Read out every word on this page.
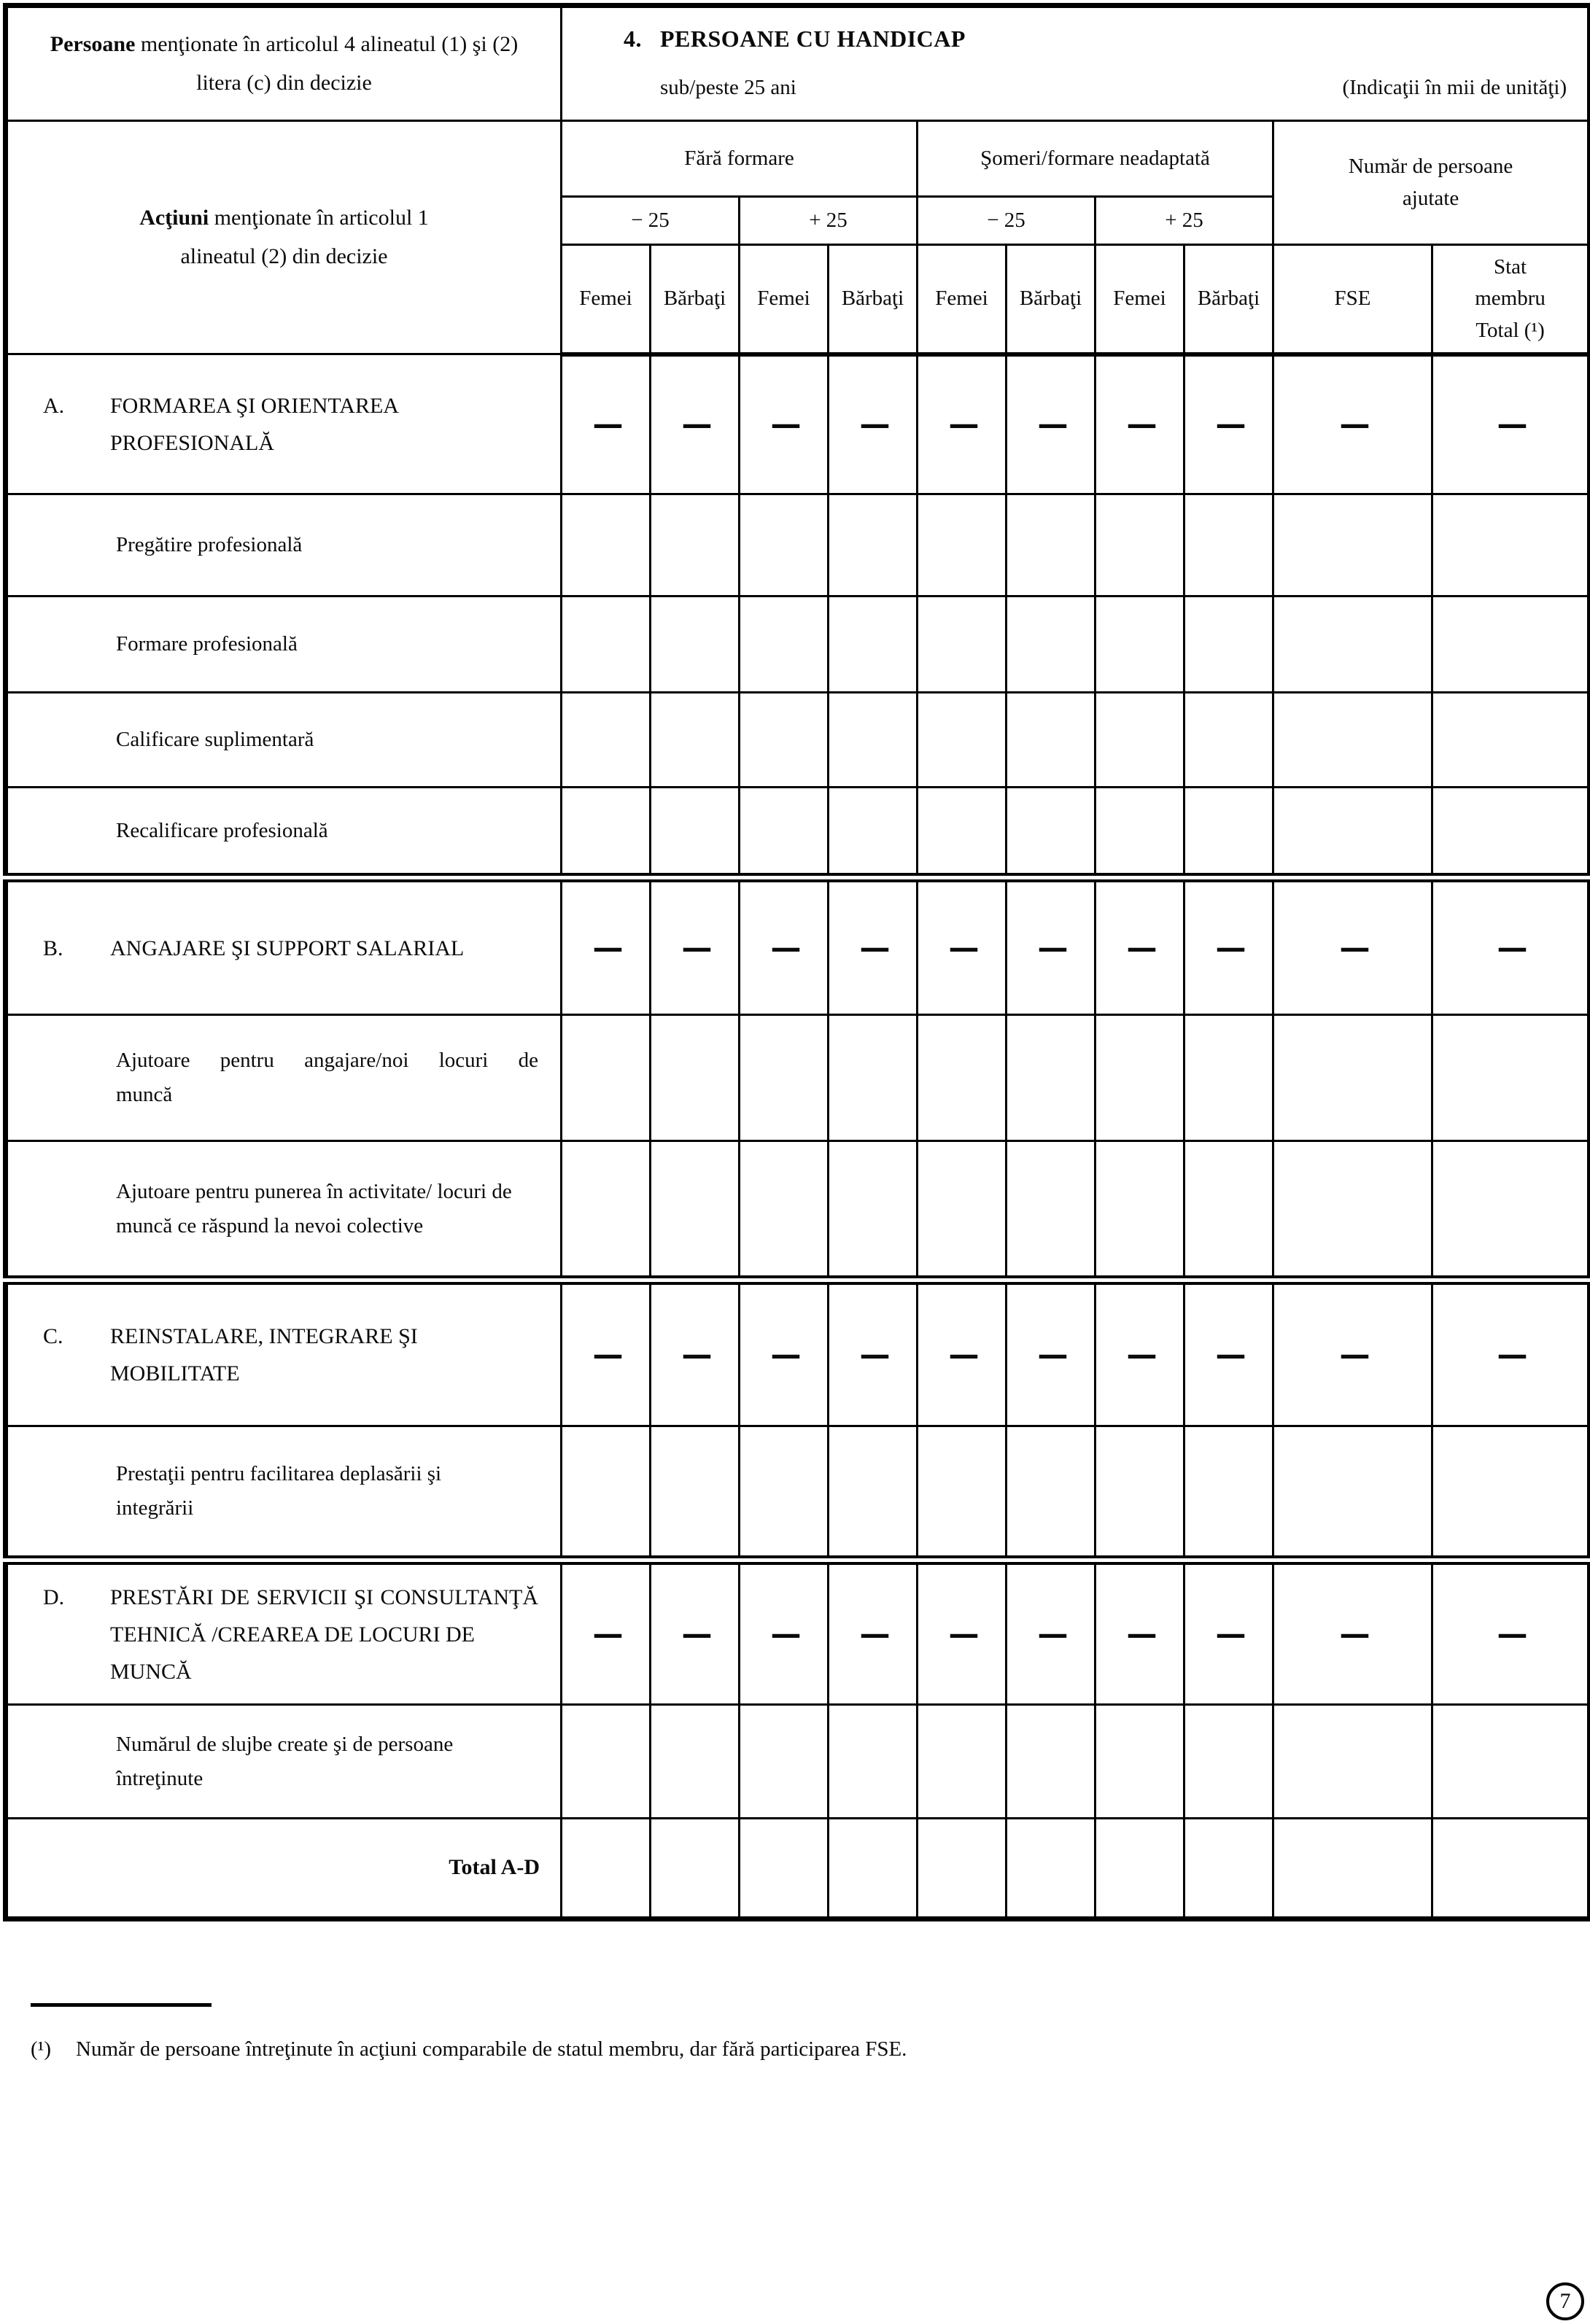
Persoane menţionate în articolul 4 alineatul (1) şi (2) litera (c) din decizie	4. PERSOANE CU HANDICAP
sub/peste 25 ani (Indicaţii în mii de unităţi)									

Acţiuni menţionate în articolul 1 alineatul (2) din decizie	Fără formare				Şomeri/formare neadaptată				Număr de persoane
ajutate	

	− 25		+ 25		− 25		+ 25			
	Femei	Bărbaţi	Femei	Bărbaţi	Femei	Bărbaţi	Femei	Bărbaţi	FSE	Stat
membru
Total (¹)

A. FORMAREA ŞI ORIENTAREA
PROFESIONALĂ	—	—	—	—	—	—	—	—	—	—

Pregătire profesională										

Formare profesională										

Calificare suplimentară										

Recalificare profesională										

B. ANGAJARE ŞI SUPPORT SALARIAL	—	—	—	—	—	—	—	—	—	—

Ajutoare pentru angajare/noi locuri de
muncă										

Ajutoare pentru punerea în activitate/ locuri de
muncă ce răspund la nevoi colective										

C. REINSTALARE, INTEGRARE ŞI
MOBILITATE	—	—	—	—	—	—	—	—	—	—

Prestaţii pentru facilitarea deplasării şi
integrării										

D. PRESTĂRI DE SERVICII ŞI CONSULTANŢĂ
TEHNICĂ /CREAREA DE LOCURI DE MUNCĂ	—	—	—	—	—	—	—	—	—	—

Numărul de slujbe create şi de persoane
întreţinute										

Total A-D										

(¹)	Număr de persoane întreţinute în acţiuni comparabile de statul membru, dar fără participarea FSE.
7
